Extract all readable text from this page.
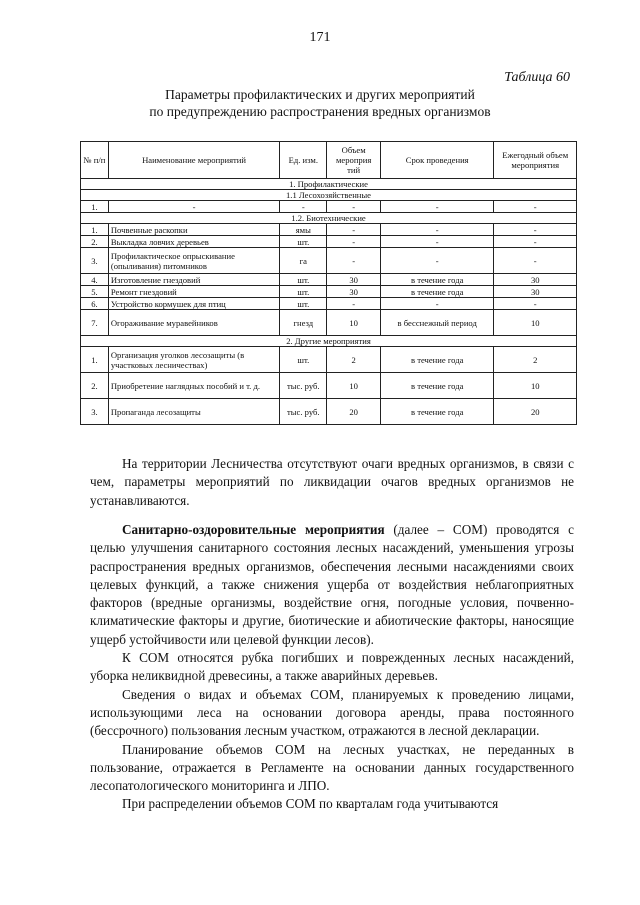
171
Таблица 60
Параметры профилактических и других мероприятий
по предупреждению распространения вредных организмов
№ п/п	Наименование мероприятий	Ед. изм.	Объем мероприя тий	Срок проведения	Ежегодный объем мероприятия
1. Профилактические					
1.1 Лесохозяйственные					
1.	-	-	-	-	-
1.2. Биотехнические					
1.	Почвенные раскопки	ямы	-	-	-
2.	Выкладка ловчих деревьев	шт.	-	-	-
3.	Профилактическое опрыскивание (опыливания) питомников	га	-	-	-
4.	Изготовление гнездовий	шт.	30	в течение года	30
5.	Ремонт гнездовий	шт.	30	в течение года	30
6.	Устройство кормушек для птиц	шт.	-	-	-
7.	Огораживание муравейников	гнезд	10	в бесснежный период	10
2. Другие мероприятия					
1.	Организация уголков лесозащиты (в участковых лесничествах)	шт.	2	в течение года	2
2.	Приобретение наглядных пособий и т. д.	тыс. руб.	10	в течение года	10
3.	Пропаганда лесозащиты	тыс. руб.	20	в течение года	20

На территории Лесничества отсутствуют очаги вредных организмов, в связи с чем, параметры мероприятий по ликвидации очагов вредных организмов не устанавливаются.

Санитарно-оздоровительные мероприятия (далее – СОМ) проводятся с целью улучшения санитарного состояния лесных насаждений, уменьшения угрозы распространения вредных организмов, обеспечения лесными насаждениями своих целевых функций, а также снижения ущерба от воздействия неблагоприятных факторов (вредные организмы, воздействие огня, погодные условия, почвенно-климатические факторы и другие, биотические и абиотические факторы, наносящие ущерб устойчивости или целевой функции лесов).

К СОМ относятся рубка погибших и поврежденных лесных насаждений, уборка неликвидной древесины, а также аварийных деревьев.

Сведения о видах и объемах СОМ, планируемых к проведению лицами, использующими леса на основании договора аренды, права постоянного (бессрочного) пользования лесным участком, отражаются в лесной декларации.

Планирование объемов СОМ на лесных участках, не переданных в пользование, отражается в Регламенте на основании данных государственного лесопатологического мониторинга и ЛПО.

При распределении объемов СОМ по кварталам года учитываются
